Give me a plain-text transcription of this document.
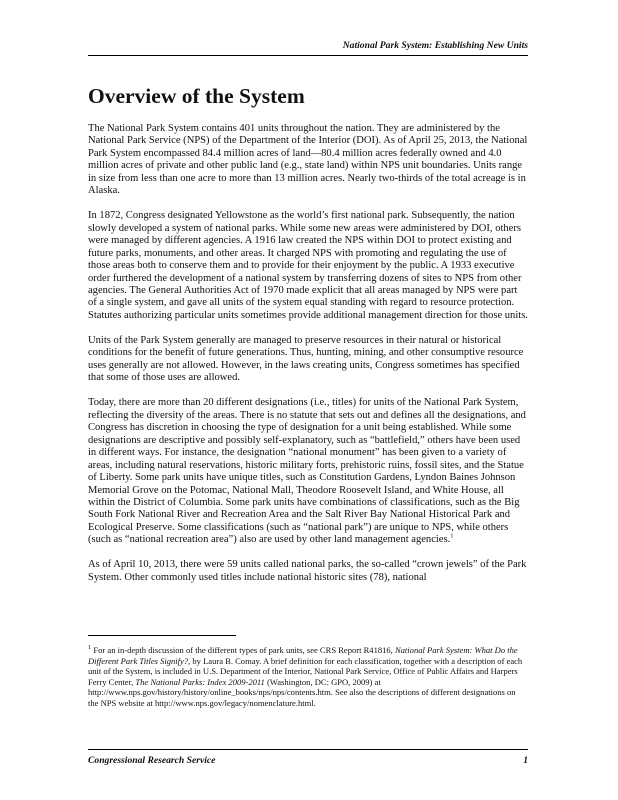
National Park System: Establishing New Units
Overview of the System

The National Park System contains 401 units throughout the nation. They are administered by the National Park Service (NPS) of the Department of the Interior (DOI). As of April 25, 2013, the National Park System encompassed 84.4 million acres of land—80.4 million acres federally owned and 4.0 million acres of private and other public land (e.g., state land) within NPS unit boundaries. Units range in size from less than one acre to more than 13 million acres. Nearly two-thirds of the total acreage is in Alaska.

In 1872, Congress designated Yellowstone as the world’s first national park. Subsequently, the nation slowly developed a system of national parks. While some new areas were administered by DOI, others were managed by different agencies. A 1916 law created the NPS within DOI to protect existing and future parks, monuments, and other areas. It charged NPS with promoting and regulating the use of those areas both to conserve them and to provide for their enjoyment by the public. A 1933 executive order furthered the development of a national system by transferring dozens of sites to NPS from other agencies. The General Authorities Act of 1970 made explicit that all areas managed by NPS were part of a single system, and gave all units of the system equal standing with regard to resource protection. Statutes authorizing particular units sometimes provide additional management direction for those units.

Units of the Park System generally are managed to preserve resources in their natural or historical conditions for the benefit of future generations. Thus, hunting, mining, and other consumptive resource uses generally are not allowed. However, in the laws creating units, Congress sometimes has specified that some of those uses are allowed.

Today, there are more than 20 different designations (i.e., titles) for units of the National Park System, reflecting the diversity of the areas. There is no statute that sets out and defines all the designations, and Congress has discretion in choosing the type of designation for a unit being established. While some designations are descriptive and possibly self-explanatory, such as “battlefield,” others have been used in different ways. For instance, the designation “national monument” has been given to a variety of areas, including natural reservations, historic military forts, prehistoric ruins, fossil sites, and the Statue of Liberty. Some park units have unique titles, such as Constitution Gardens, Lyndon Baines Johnson Memorial Grove on the Potomac, National Mall, Theodore Roosevelt Island, and White House, all within the District of Columbia. Some park units have combinations of classifications, such as the Big South Fork National River and Recreation Area and the Salt River Bay National Historical Park and Ecological Preserve. Some classifications (such as “national park”) are unique to NPS, while others (such as “national recreation area”) also are used by other land management agencies.$^1$

As of April 10, 2013, there were 59 units called national parks, the so-called “crown jewels” of the Park System. Other commonly used titles include national historic sites (78), national

$^1$ For an in-depth discussion of the different types of park units, see CRS Report R41816, National Park System: What Do the Different Park Titles Signify?, by Laura B. Comay. A brief definition for each classification, together with a description of each unit of the System, is included in U.S. Department of the Interior, National Park Service, Office of Public Affairs and Harpers Ferry Center, The National Parks: Index 2009-2011 (Washington, DC: GPO, 2009) at http://www.nps.gov/history/history/online_books/nps/nps/contents.htm. See also the descriptions of different designations on the NPS website at http://www.nps.gov/legacy/nomenclature.html.

Congressional Research Service	1
